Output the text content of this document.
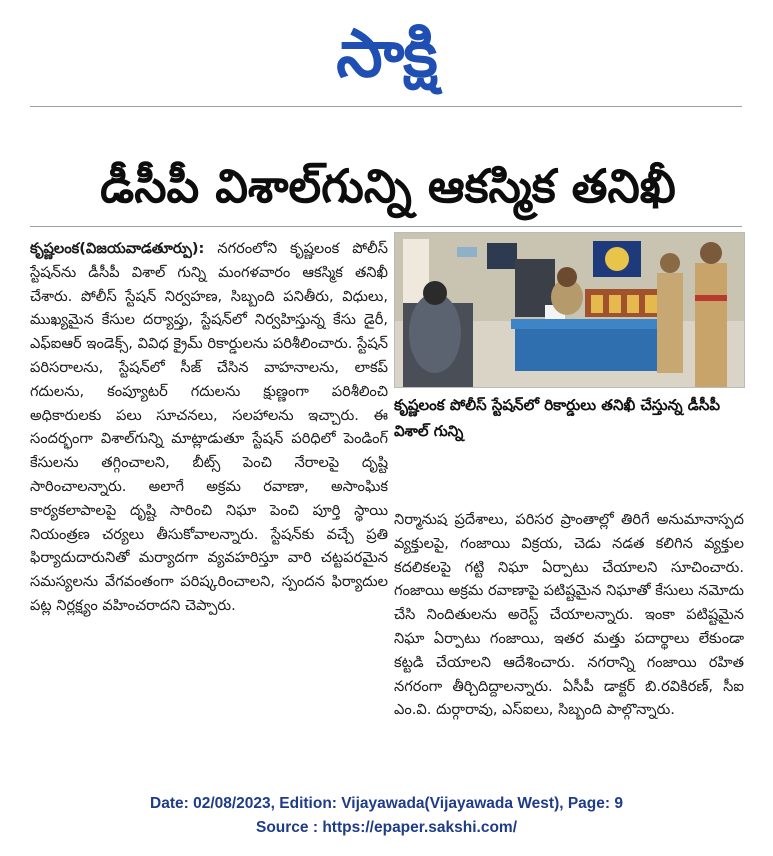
సాక్షి
డీసీపీ విశాల్‌గున్ని ఆకస్మిక తనిఖీ

కృష్ణలంక(విజయవాడతూర్పు): నగరంలోని కృష్ణలంక పోలీస్ స్టేషన్‌ను డీసీపీ విశాల్ గున్ని మంగళవారం ఆకస్మిక తనిఖీ చేశారు. పోలీస్ స్టేషన్ నిర్వహణ, సిబ్బంది పనితీరు, విధులు, ముఖ్యమైన కేసుల దర్యాప్తు, స్టేషన్‌లో నిర్వహిస్తున్న కేసు డైరీ, ఎఫ్‌ఐఆర్ ఇండెక్స్, వివిధ క్రైమ్ రికార్డులను పరిశీలించారు. స్టేషన్ పరిసరాలను, స్టేషన్‌లో సీజ్ చేసిన వాహనాలను, లాకప్ గదులను, కంప్యూటర్ గదులను క్షుణ్ణంగా పరిశీలించి అధికారులకు పలు సూచనలు, సలహాలను ఇచ్చారు. ఈ సందర్భంగా విశాల్‌గున్ని మాట్లాడుతూ స్టేషన్ పరిధిలో పెండింగ్ కేసులను తగ్గించాలని, బీట్స్ పెంచి నేరాలపై దృష్టి సారించాలన్నారు. అలాగే అక్రమ రవాణా, అసాంఘిక కార్యకలాపాలపై దృష్టి సారించి నిఘా పెంచి పూర్తి స్థాయి నియంత్రణ చర్యలు తీసుకోవాలన్నారు. స్టేషన్‌కు వచ్చే ప్రతి ఫిర్యాదుదారునితో మర్యాదగా వ్యవహరిస్తూ వారి చట్టపరమైన సమస్యలను వేగవంతంగా పరిష్కరించాలని, స్పందన ఫిర్యాదుల పట్ల నిర్లక్ష్యం వహించరాదని చెప్పారు.

కృష్ణలంక పోలీస్ స్టేషన్‌లో రికార్డులు తనిఖీ చేస్తున్న డీసీపీ విశాల్ గున్ని

నిర్మానుష ప్రదేశాలు, పరిసర ప్రాంతాల్లో తిరిగే అనుమానాస్పద వ్యక్తులపై, గంజాయి విక్రయ, చెడు నడత కలిగిన వ్యక్తుల కదలికలపై గట్టి నిఘా ఏర్పాటు చేయాలని సూచించారు. గంజాయి అక్రమ రవాణాపై పటిష్టమైన నిఘాతో కేసులు నమోదు చేసి నిందితులను అరెస్ట్ చేయాలన్నారు. ఇంకా పటిష్టమైన నిఘా ఏర్పాటు గంజాయి, ఇతర మత్తు పదార్థాలు లేకుండా కట్టడి చేయాలని ఆదేశించారు. నగరాన్ని గంజాయి రహిత నగరంగా తీర్చిదిద్దాలన్నారు. ఏసీపీ డాక్టర్ బి.రవికిరణ్, సీఐ ఎం.వి. దుర్గారావు, ఎస్‌ఐలు, సిబ్బంది పాల్గొన్నారు.

Date: 02/08/2023, Edition: Vijayawada(Vijayawada West), Page: 9
Source : https://epaper.sakshi.com/
